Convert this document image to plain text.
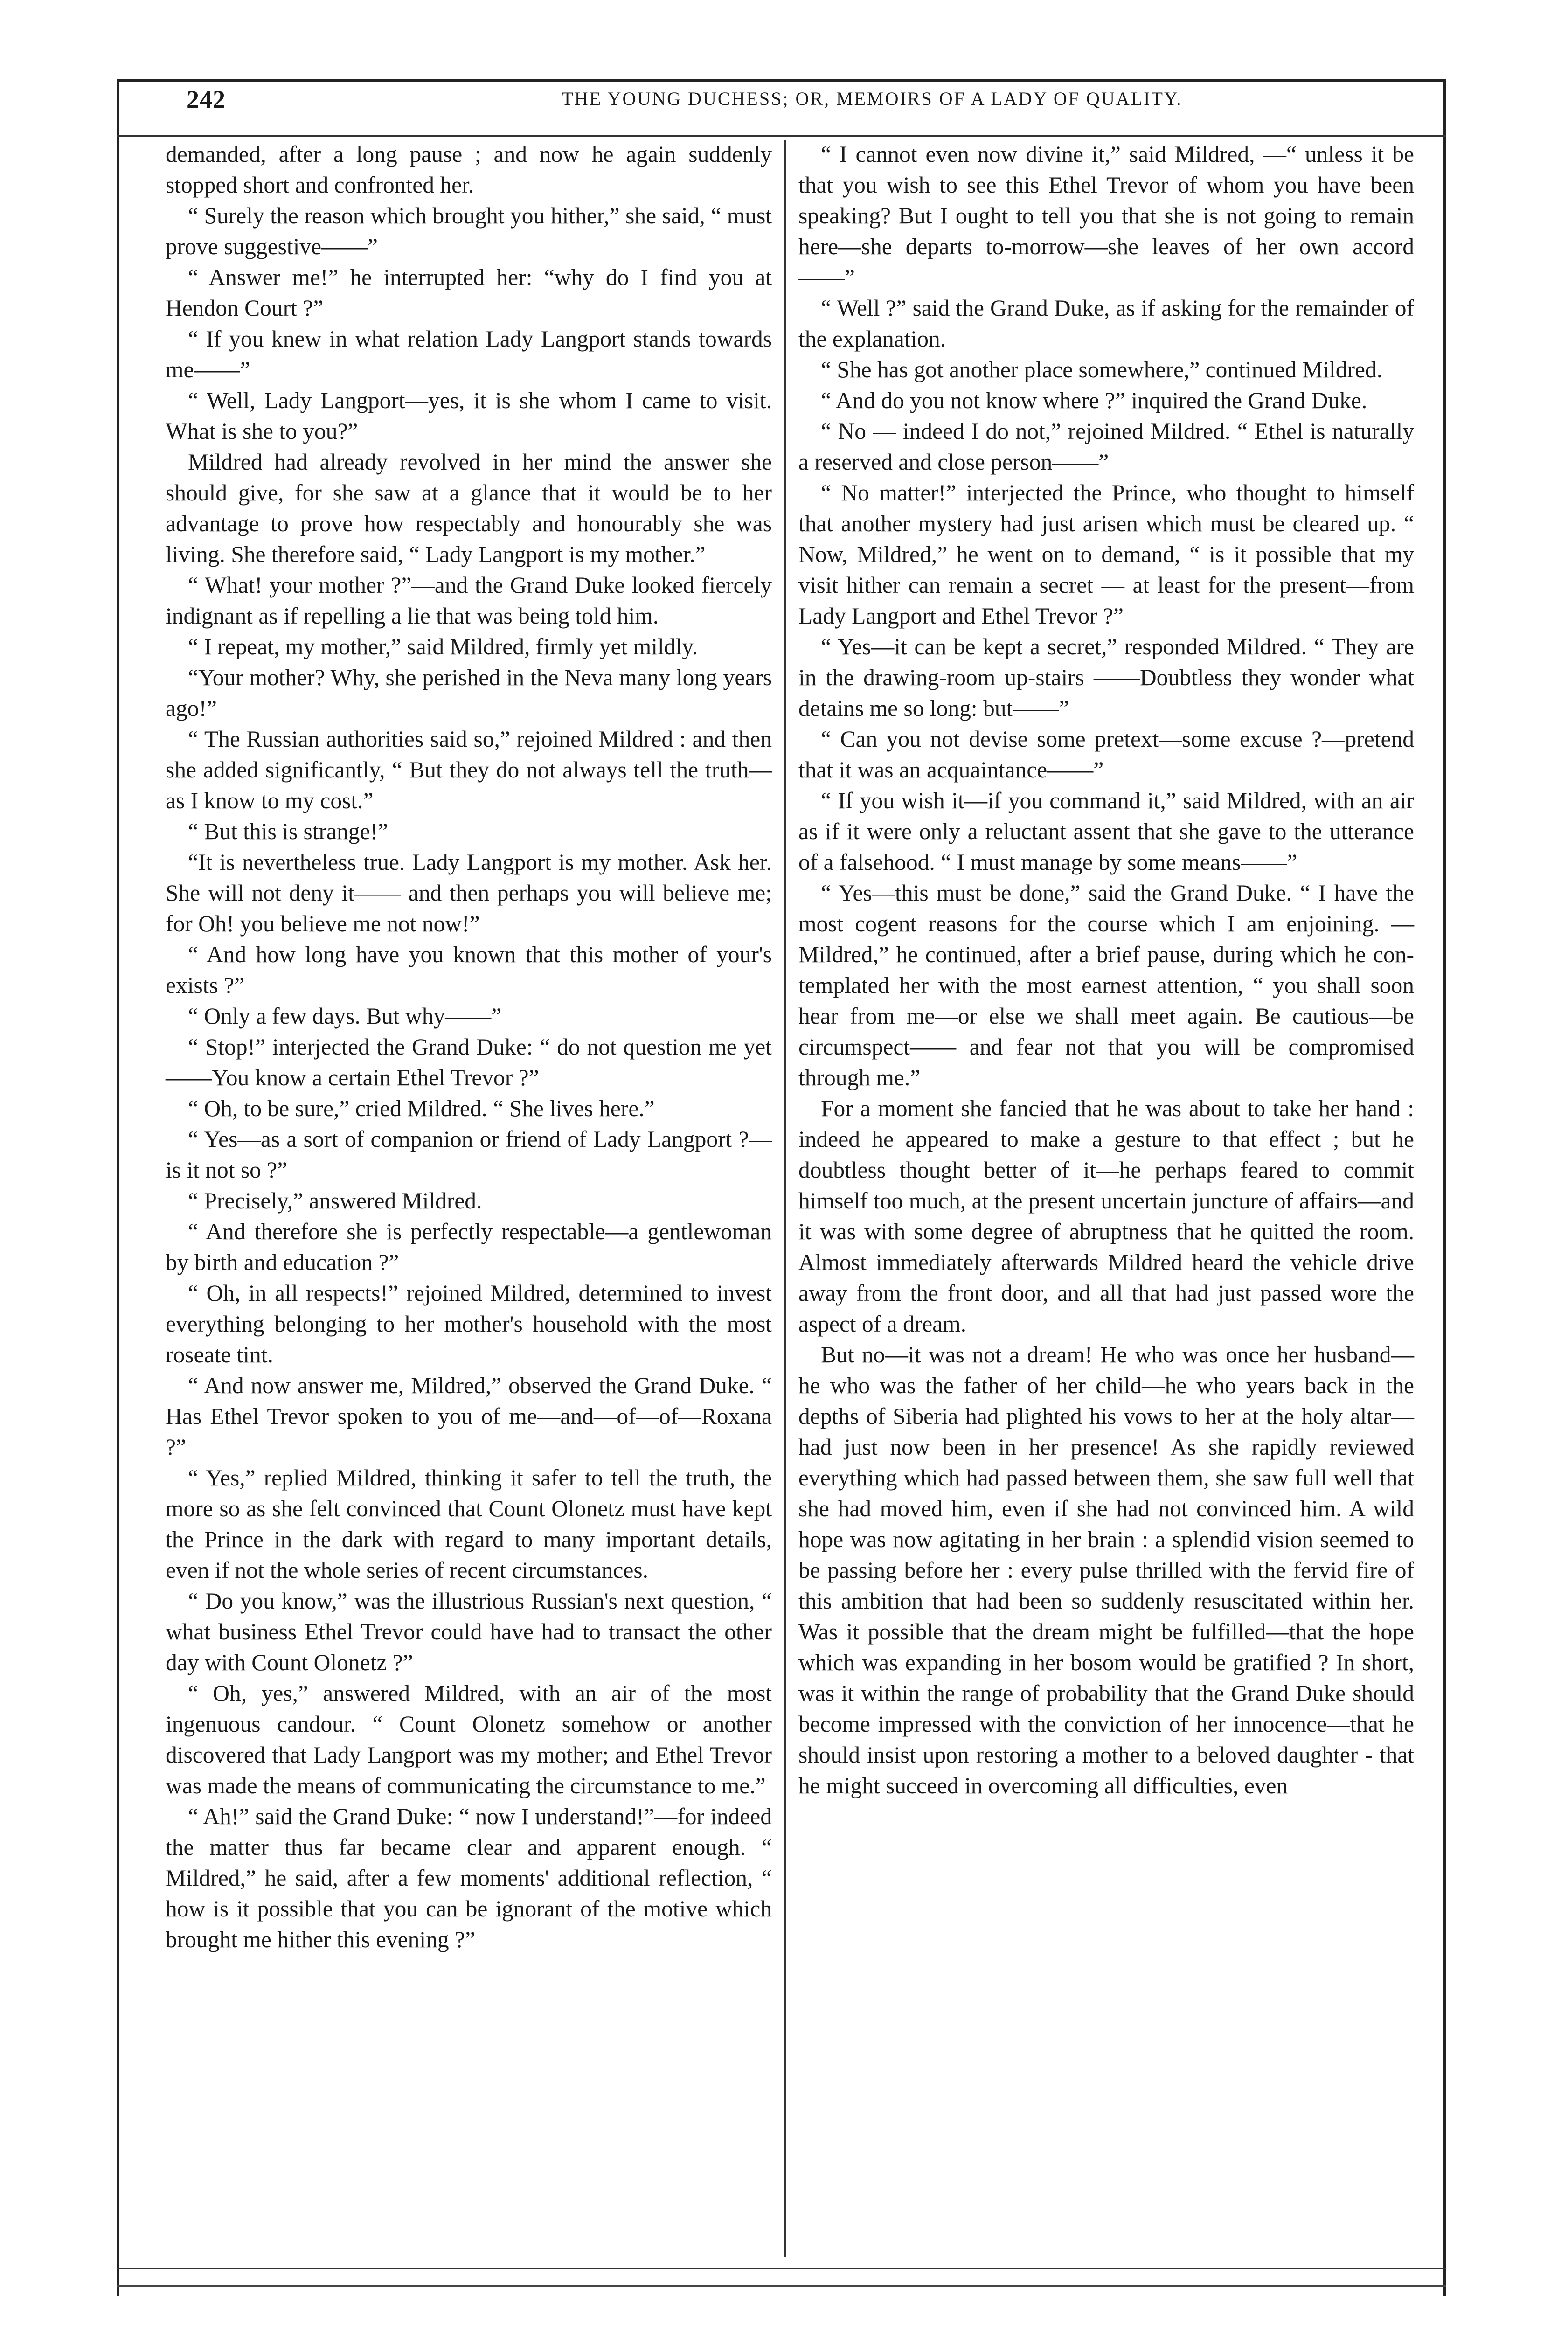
242	THE YOUNG DUCHESS; OR, MEMOIRS OF A LADY OF QUALITY.

demanded, after a long pause ; and now he again suddenly stopped short and confronted her.

“ Surely the reason which brought you hither,” she said, “ must prove suggestive——”

“ Answer me!” he interrupted her: “why do I find you at Hendon Court ?”

“ If you knew in what relation Lady Langport stands towards me——”

“ Well, Lady Langport—yes, it is she whom I came to visit. What is she to you?”

Mildred had already revolved in her mind the answer she should give, for she saw at a glance that it would be to her advantage to prove how respectably and honourably she was living. She therefore said, “ Lady Langport is my mother.”

“ What! your mother ?”—and the Grand Duke looked fiercely indignant as if repelling a lie that was being told him.

“ I repeat, my mother,” said Mildred, firmly yet mildly.

“Your mother? Why, she perished in the Neva many long years ago!”

“ The Russian authorities said so,” rejoined Mildred : and then she added significantly, “ But they do not always tell the truth—as I know to my cost.”

“ But this is strange!”

“It is nevertheless true. Lady Langport is my mother. Ask her. She will not deny it—— and then perhaps you will believe me; for Oh! you believe me not now!”

“ And how long have you known that this mother of your's exists ?”

“ Only a few days. But why——”

“ Stop!” interjected the Grand Duke: “ do not question me yet——You know a certain Ethel Trevor ?”

“ Oh, to be sure,” cried Mildred. “ She lives here.”

“ Yes—as a sort of companion or friend of Lady Langport ?—is it not so ?”

“ Precisely,” answered Mildred.

“ And therefore she is perfectly respectable—a gentlewoman by birth and education ?”

“ Oh, in all respects!” rejoined Mildred, determined to invest everything belonging to her mother's household with the most roseate tint.

“ And now answer me, Mildred,” observed the Grand Duke. “ Has Ethel Trevor spoken to you of me—and—of—of—Roxana ?”

“ Yes,” replied Mildred, thinking it safer to tell the truth, the more so as she felt convinced that Count Olonetz must have kept the Prince in the dark with regard to many important details, even if not the whole series of recent circumstances.

“ Do you know,” was the illustrious Russian's next question, “ what business Ethel Trevor could have had to transact the other day with Count Olonetz ?”

“ Oh, yes,” answered Mildred, with an air of the most ingenuous candour. “ Count Olonetz somehow or another discovered that Lady Langport was my mother; and Ethel Trevor was made the means of communicating the circumstance to me.”

“ Ah!” said the Grand Duke: “ now I understand!”—for indeed the matter thus far became clear and apparent enough. “ Mildred,” he said, after a few moments' additional reflection, “ how is it possible that you can be ignorant of the motive which brought me hither this evening ?”

“ I cannot even now divine it,” said Mildred, —“ unless it be that you wish to see this Ethel Trevor of whom you have been speaking? But I ought to tell you that she is not going to remain here—she departs to-morrow—she leaves of her own accord——”

“ Well ?” said the Grand Duke, as if asking for the remainder of the explanation.

“ She has got another place somewhere,” continued Mildred.

“ And do you not know where ?” inquired the Grand Duke.

“ No — indeed I do not,” rejoined Mildred. “ Ethel is naturally a reserved and close person——”

“ No matter!” interjected the Prince, who thought to himself that another mystery had just arisen which must be cleared up. “ Now, Mildred,” he went on to demand, “ is it possible that my visit hither can remain a secret — at least for the present—from Lady Langport and Ethel Trevor ?”

“ Yes—it can be kept a secret,” responded Mildred. “ They are in the drawing-room up-stairs ——Doubtless they wonder what detains me so long: but——”

“ Can you not devise some pretext—some excuse ?—pretend that it was an acquaintance——”

“ If you wish it—if you command it,” said Mildred, with an air as if it were only a reluctant assent that she gave to the utterance of a falsehood. “ I must manage by some means——”

“ Yes—this must be done,” said the Grand Duke. “ I have the most cogent reasons for the course which I am enjoining. — Mildred,” he continued, after a brief pause, during which he contemplated her with the most earnest attention, “ you shall soon hear from me—or else we shall meet again. Be cautious—be circumspect—— and fear not that you will be compromised through me.”

For a moment she fancied that he was about to take her hand : indeed he appeared to make a gesture to that effect ; but he doubtless thought better of it—he perhaps feared to commit himself too much, at the present uncertain juncture of affairs—and it was with some degree of abruptness that he quitted the room. Almost immediately afterwards Mildred heard the vehicle drive away from the front door, and all that had just passed wore the aspect of a dream.

But no—it was not a dream! He who was once her husband—he who was the father of her child—he who years back in the depths of Siberia had plighted his vows to her at the holy altar— had just now been in her presence! As she rapidly reviewed everything which had passed between them, she saw full well that she had moved him, even if she had not convinced him. A wild hope was now agitating in her brain : a splendid vision seemed to be passing before her : every pulse thrilled with the fervid fire of this ambition that had been so suddenly resuscitated within her. Was it possible that the dream might be fulfilled—that the hope which was expanding in her bosom would be gratified ? In short, was it within the range of probability that the Grand Duke should become impressed with the conviction of her innocence—that he should insist upon restoring a mother to a beloved daughter - that he might succeed in overcoming all difficulties, even
